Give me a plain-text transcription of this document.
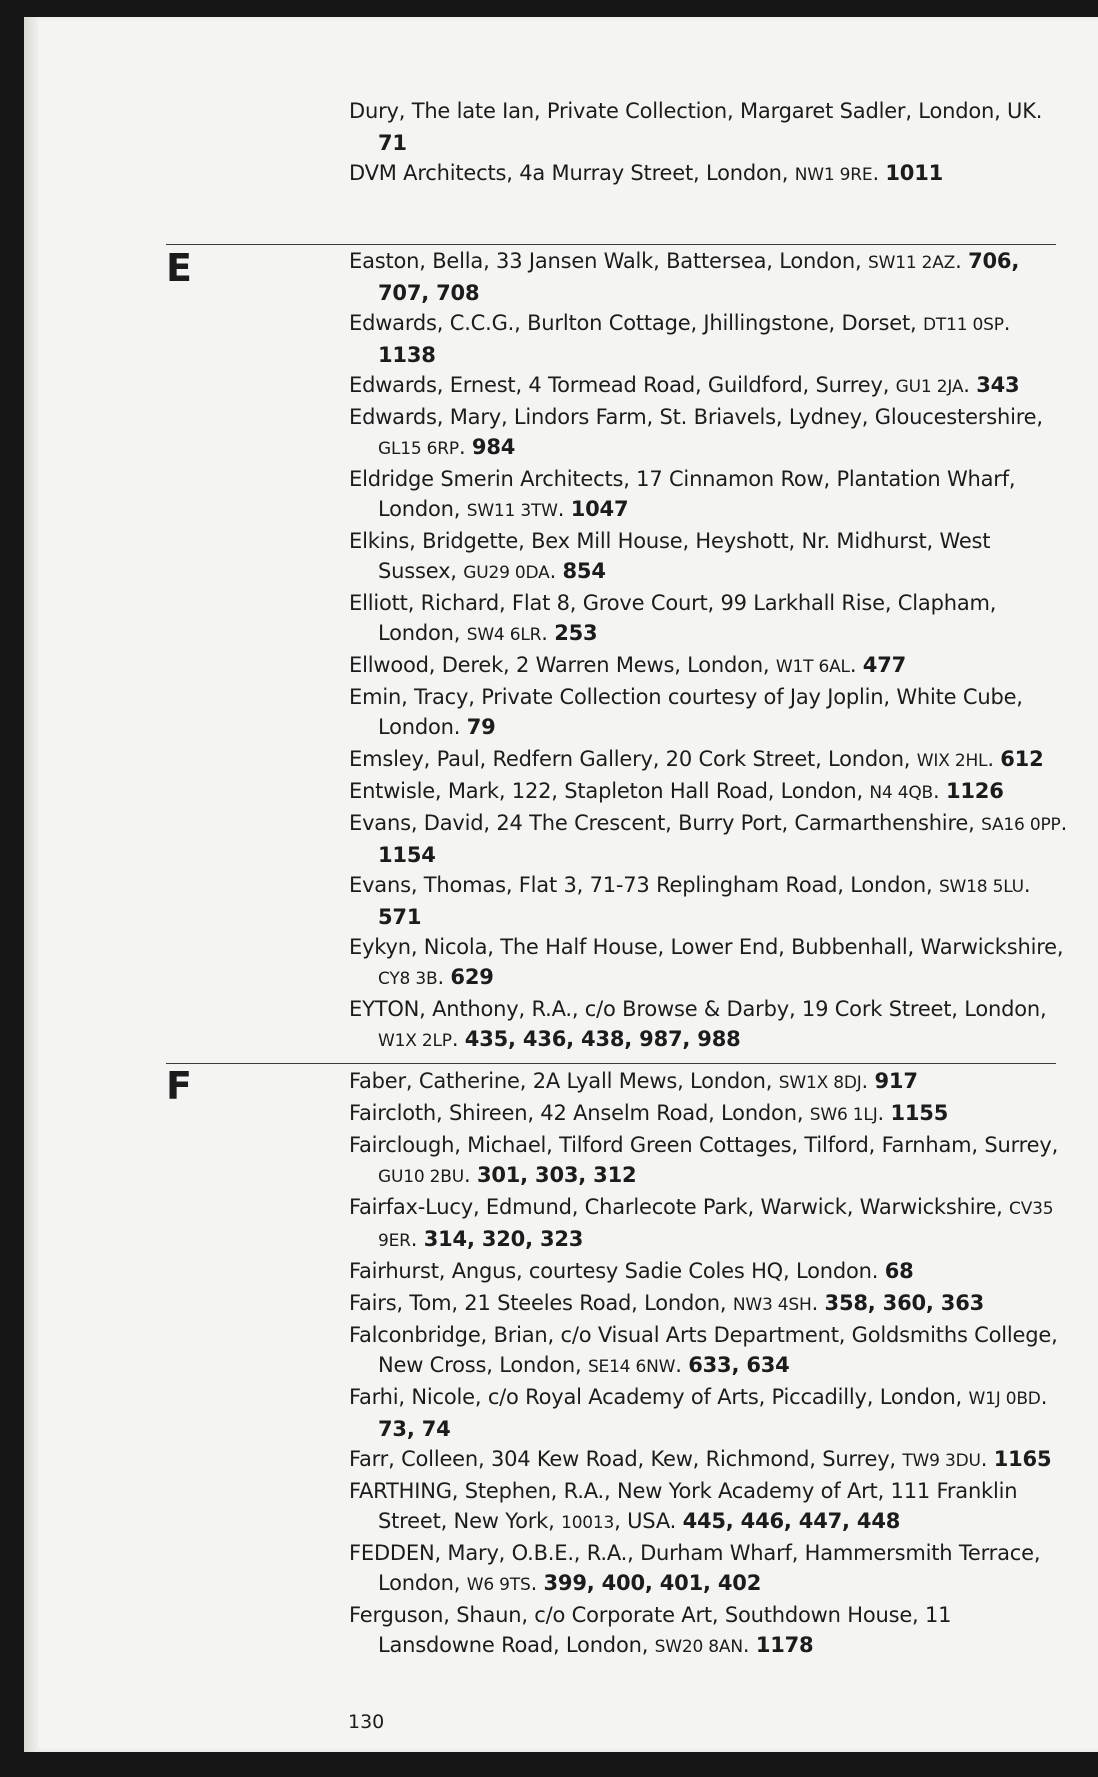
Dury, The late Ian, Private Collection, Margaret Sadler, London, UK. 71
DVM Architects, 4a Murray Street, London, NW1 9RE. 1011
E	Easton, Bella, 33 Jansen Walk, Battersea, London, SW11 2AZ. 706, 707, 708
Edwards, C.C.G., Burlton Cottage, Jhillingstone, Dorset, DT11 0SP. 1138
Edwards, Ernest, 4 Tormead Road, Guildford, Surrey, GU1 2JA. 343
Edwards, Mary, Lindors Farm, St. Briavels, Lydney, Gloucestershire, GL15 6RP. 984
Eldridge Smerin Architects, 17 Cinnamon Row, Plantation Wharf, London, SW11 3TW. 1047
Elkins, Bridgette, Bex Mill House, Heyshott, Nr. Midhurst, West Sussex, GU29 0DA. 854
Elliott, Richard, Flat 8, Grove Court, 99 Larkhall Rise, Clapham, London, SW4 6LR. 253
Ellwood, Derek, 2 Warren Mews, London, W1T 6AL. 477
Emin, Tracy, Private Collection courtesy of Jay Joplin, White Cube, London. 79
Emsley, Paul, Redfern Gallery, 20 Cork Street, London, WIX 2HL. 612
Entwisle, Mark, 122, Stapleton Hall Road, London, N4 4QB. 1126
Evans, David, 24 The Crescent, Burry Port, Carmarthenshire, SA16 0PP. 1154
Evans, Thomas, Flat 3, 71-73 Replingham Road, London, SW18 5LU. 571
Eykyn, Nicola, The Half House, Lower End, Bubbenhall, Warwickshire, CY8 3B. 629
EYTON, Anthony, R.A., c/o Browse & Darby, 19 Cork Street, London, W1X 2LP. 435, 436, 438, 987, 988
F	Faber, Catherine, 2A Lyall Mews, London, SW1X 8DJ. 917
Faircloth, Shireen, 42 Anselm Road, London, SW6 1LJ. 1155
Fairclough, Michael, Tilford Green Cottages, Tilford, Farnham, Surrey, GU10 2BU. 301, 303, 312
Fairfax-Lucy, Edmund, Charlecote Park, Warwick, Warwickshire, CV35 9ER. 314, 320, 323
Fairhurst, Angus, courtesy Sadie Coles HQ, London. 68
Fairs, Tom, 21 Steeles Road, London, NW3 4SH. 358, 360, 363
Falconbridge, Brian, c/o Visual Arts Department, Goldsmiths College, New Cross, London, SE14 6NW. 633, 634
Farhi, Nicole, c/o Royal Academy of Arts, Piccadilly, London, W1J 0BD. 73, 74
Farr, Colleen, 304 Kew Road, Kew, Richmond, Surrey, TW9 3DU. 1165
FARTHING, Stephen, R.A., New York Academy of Art, 111 Franklin Street, New York, 10013, USA. 445, 446, 447, 448
FEDDEN, Mary, O.B.E., R.A., Durham Wharf, Hammersmith Terrace, London, W6 9TS. 399, 400, 401, 402
Ferguson, Shaun, c/o Corporate Art, Southdown House, 11 Lansdowne Road, London, SW20 8AN. 1178
130
